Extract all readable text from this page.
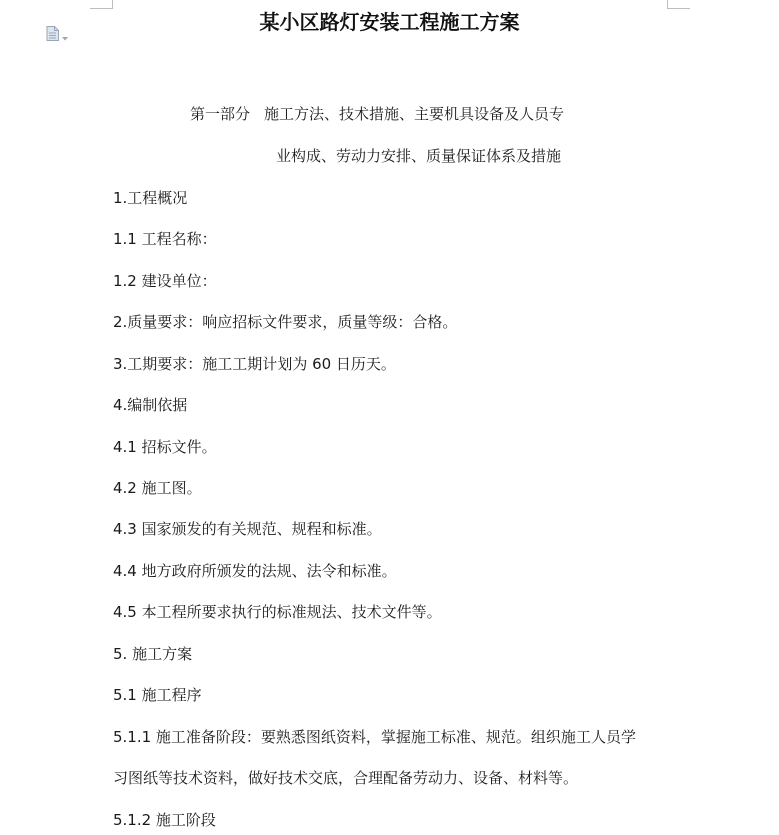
某小区路灯安装工程施工方案
第一部分 施工方法、技术措施、主要机具设备及人员专
业构成、劳动力安排、质量保证体系及措施
1.工程概况
1.1 工程名称：
1.2 建设单位：
2.质量要求：响应招标文件要求，质量等级：合格。
3.工期要求：施工工期计划为 60 日历天。
4.编制依据
4.1 招标文件。
4.2 施工图。
4.3 国家颁发的有关规范、规程和标准。
4.4 地方政府所颁发的法规、法令和标准。
4.5 本工程所要求执行的标准规法、技术文件等。
5. 施工方案
5.1 施工程序
5.1.1 施工准备阶段：要熟悉图纸资料，掌握施工标准、规范。组织施工人员学
习图纸等技术资料，做好技术交底，合理配备劳动力、设备、材料等。
5.1.2 施工阶段
